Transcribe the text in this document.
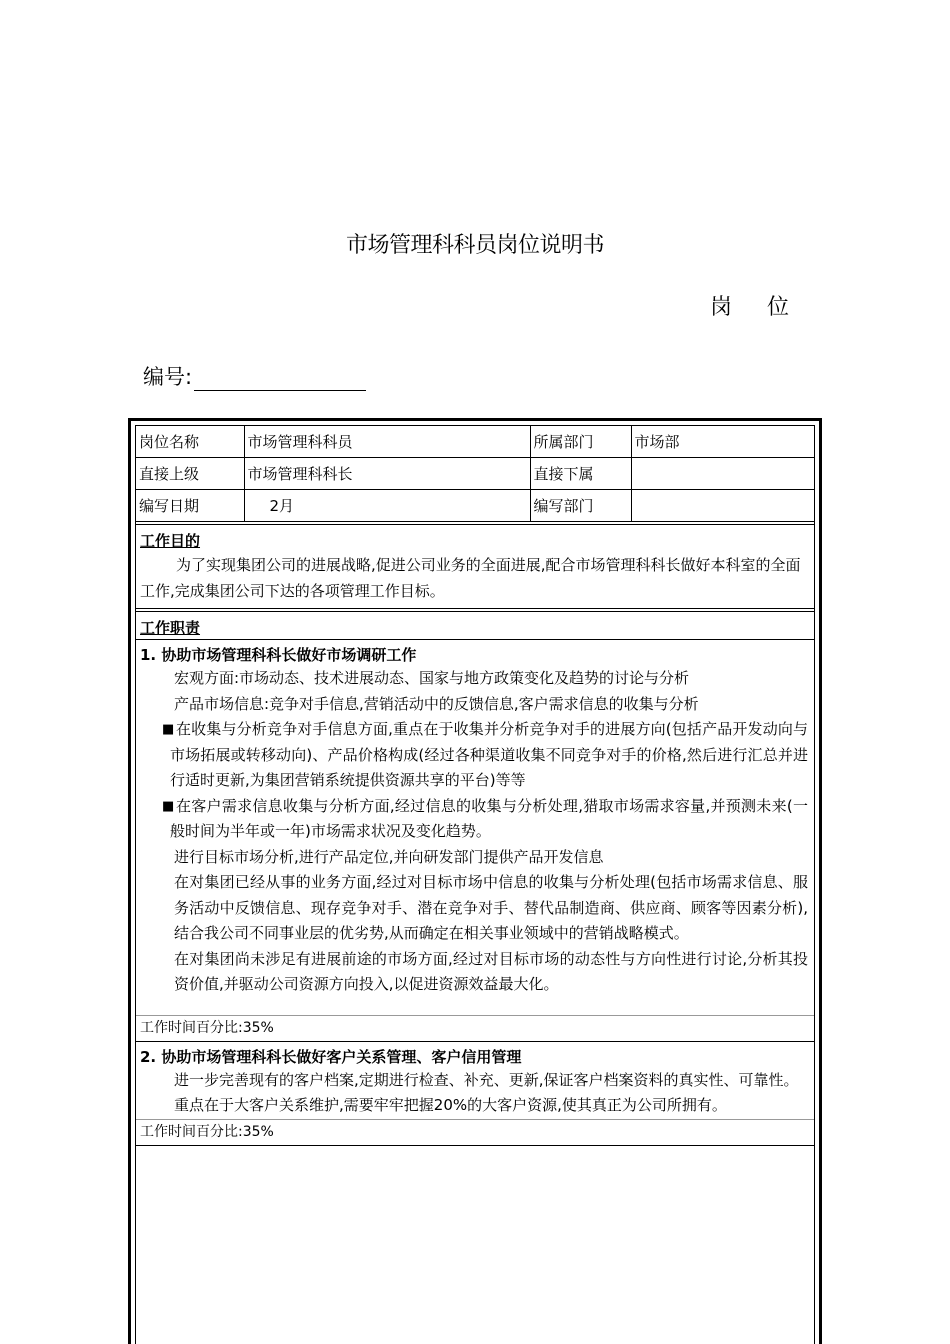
市场管理科科员岗位说明书
岗 位
编号:
岗位名称	市场管理科科员	所属部门	市场部
直接上级	市场管理科科长	直接下属	
编写日期	2月	编写部门	
工作目的
为了实现集团公司的进展战略,促进公司业务的全面进展,配合市场管理科科长做好本科室的全面工作,完成集团公司下达的各项管理工作目标。
工作职责
1. 协助市场管理科科长做好市场调研工作
宏观方面:市场动态、技术进展动态、国家与地方政策变化及趋势的讨论与分析
产品市场信息:竞争对手信息,营销活动中的反馈信息,客户需求信息的收集与分析
■ 在收集与分析竞争对手信息方面,重点在于收集并分析竞争对手的进展方向(包括产品开发动向与市场拓展或转移动向)、产品价格构成(经过各种渠道收集不同竞争对手的价格,然后进行汇总并进行适时更新,为集团营销系统提供资源共享的平台)等等
■ 在客户需求信息收集与分析方面,经过信息的收集与分析处理,猎取市场需求容量,并预测未来(一般时间为半年或一年)市场需求状况及变化趋势。
进行目标市场分析,进行产品定位,并向研发部门提供产品开发信息
在对集团已经从事的业务方面,经过对目标市场中信息的收集与分析处理(包括市场需求信息、服务活动中反馈信息、现存竞争对手、潜在竞争对手、替代品制造商、供应商、顾客等因素分析),结合我公司不同事业层的优劣势,从而确定在相关事业领域中的营销战略模式。
在对集团尚未涉足有进展前途的市场方面,经过对目标市场的动态性与方向性进行讨论,分析其投资价值,并驱动公司资源方向投入,以促进资源效益最大化。
工作时间百分比:35%
2. 协助市场管理科科长做好客户关系管理、客户信用管理
进一步完善现有的客户档案,定期进行检查、补充、更新,保证客户档案资料的真实性、可靠性。
重点在于大客户关系维护,需要牢牢把握20%的大客户资源,使其真正为公司所拥有。
工作时间百分比:35%
